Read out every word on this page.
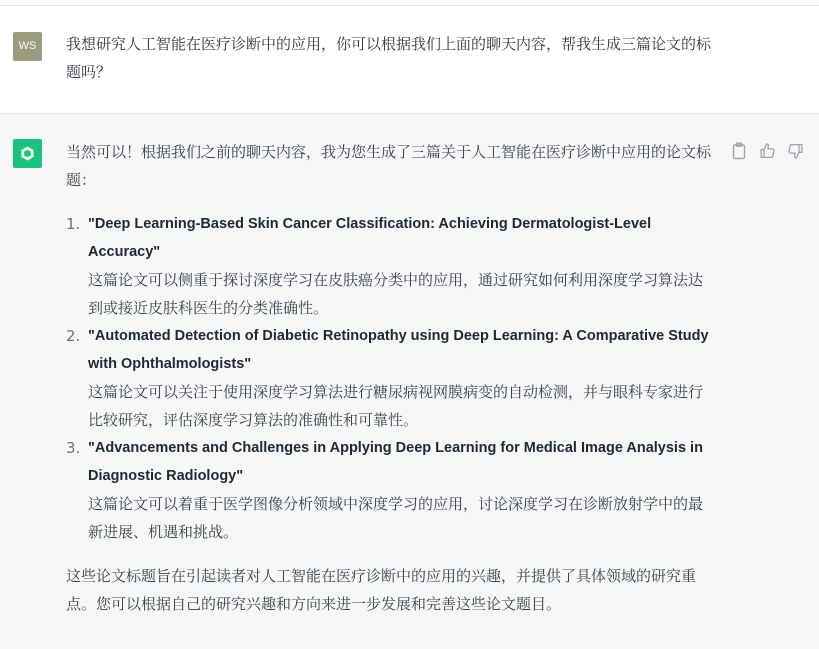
WS	我想研究人工智能在医疗诊断中的应用，你可以根据我们上面的聊天内容，帮我生成三篇论文的标题吗？

当然可以！根据我们之前的聊天内容，我为您生成了三篇关于人工智能在医疗诊断中应用的论文标题：

1. "Deep Learning-Based Skin Cancer Classification: Achieving Dermatologist-Level Accuracy"
这篇论文可以侧重于探讨深度学习在皮肤癌分类中的应用，通过研究如何利用深度学习算法达到或接近皮肤科医生的分类准确性。
2. "Automated Detection of Diabetic Retinopathy using Deep Learning: A Comparative Study with Ophthalmologists"
这篇论文可以关注于使用深度学习算法进行糖尿病视网膜病变的自动检测，并与眼科专家进行比较研究，评估深度学习算法的准确性和可靠性。
3. "Advancements and Challenges in Applying Deep Learning for Medical Image Analysis in Diagnostic Radiology"
这篇论文可以着重于医学图像分析领域中深度学习的应用，讨论深度学习在诊断放射学中的最新进展、机遇和挑战。

这些论文标题旨在引起读者对人工智能在医疗诊断中的应用的兴趣，并提供了具体领域的研究重点。您可以根据自己的研究兴趣和方向来进一步发展和完善这些论文题目。
